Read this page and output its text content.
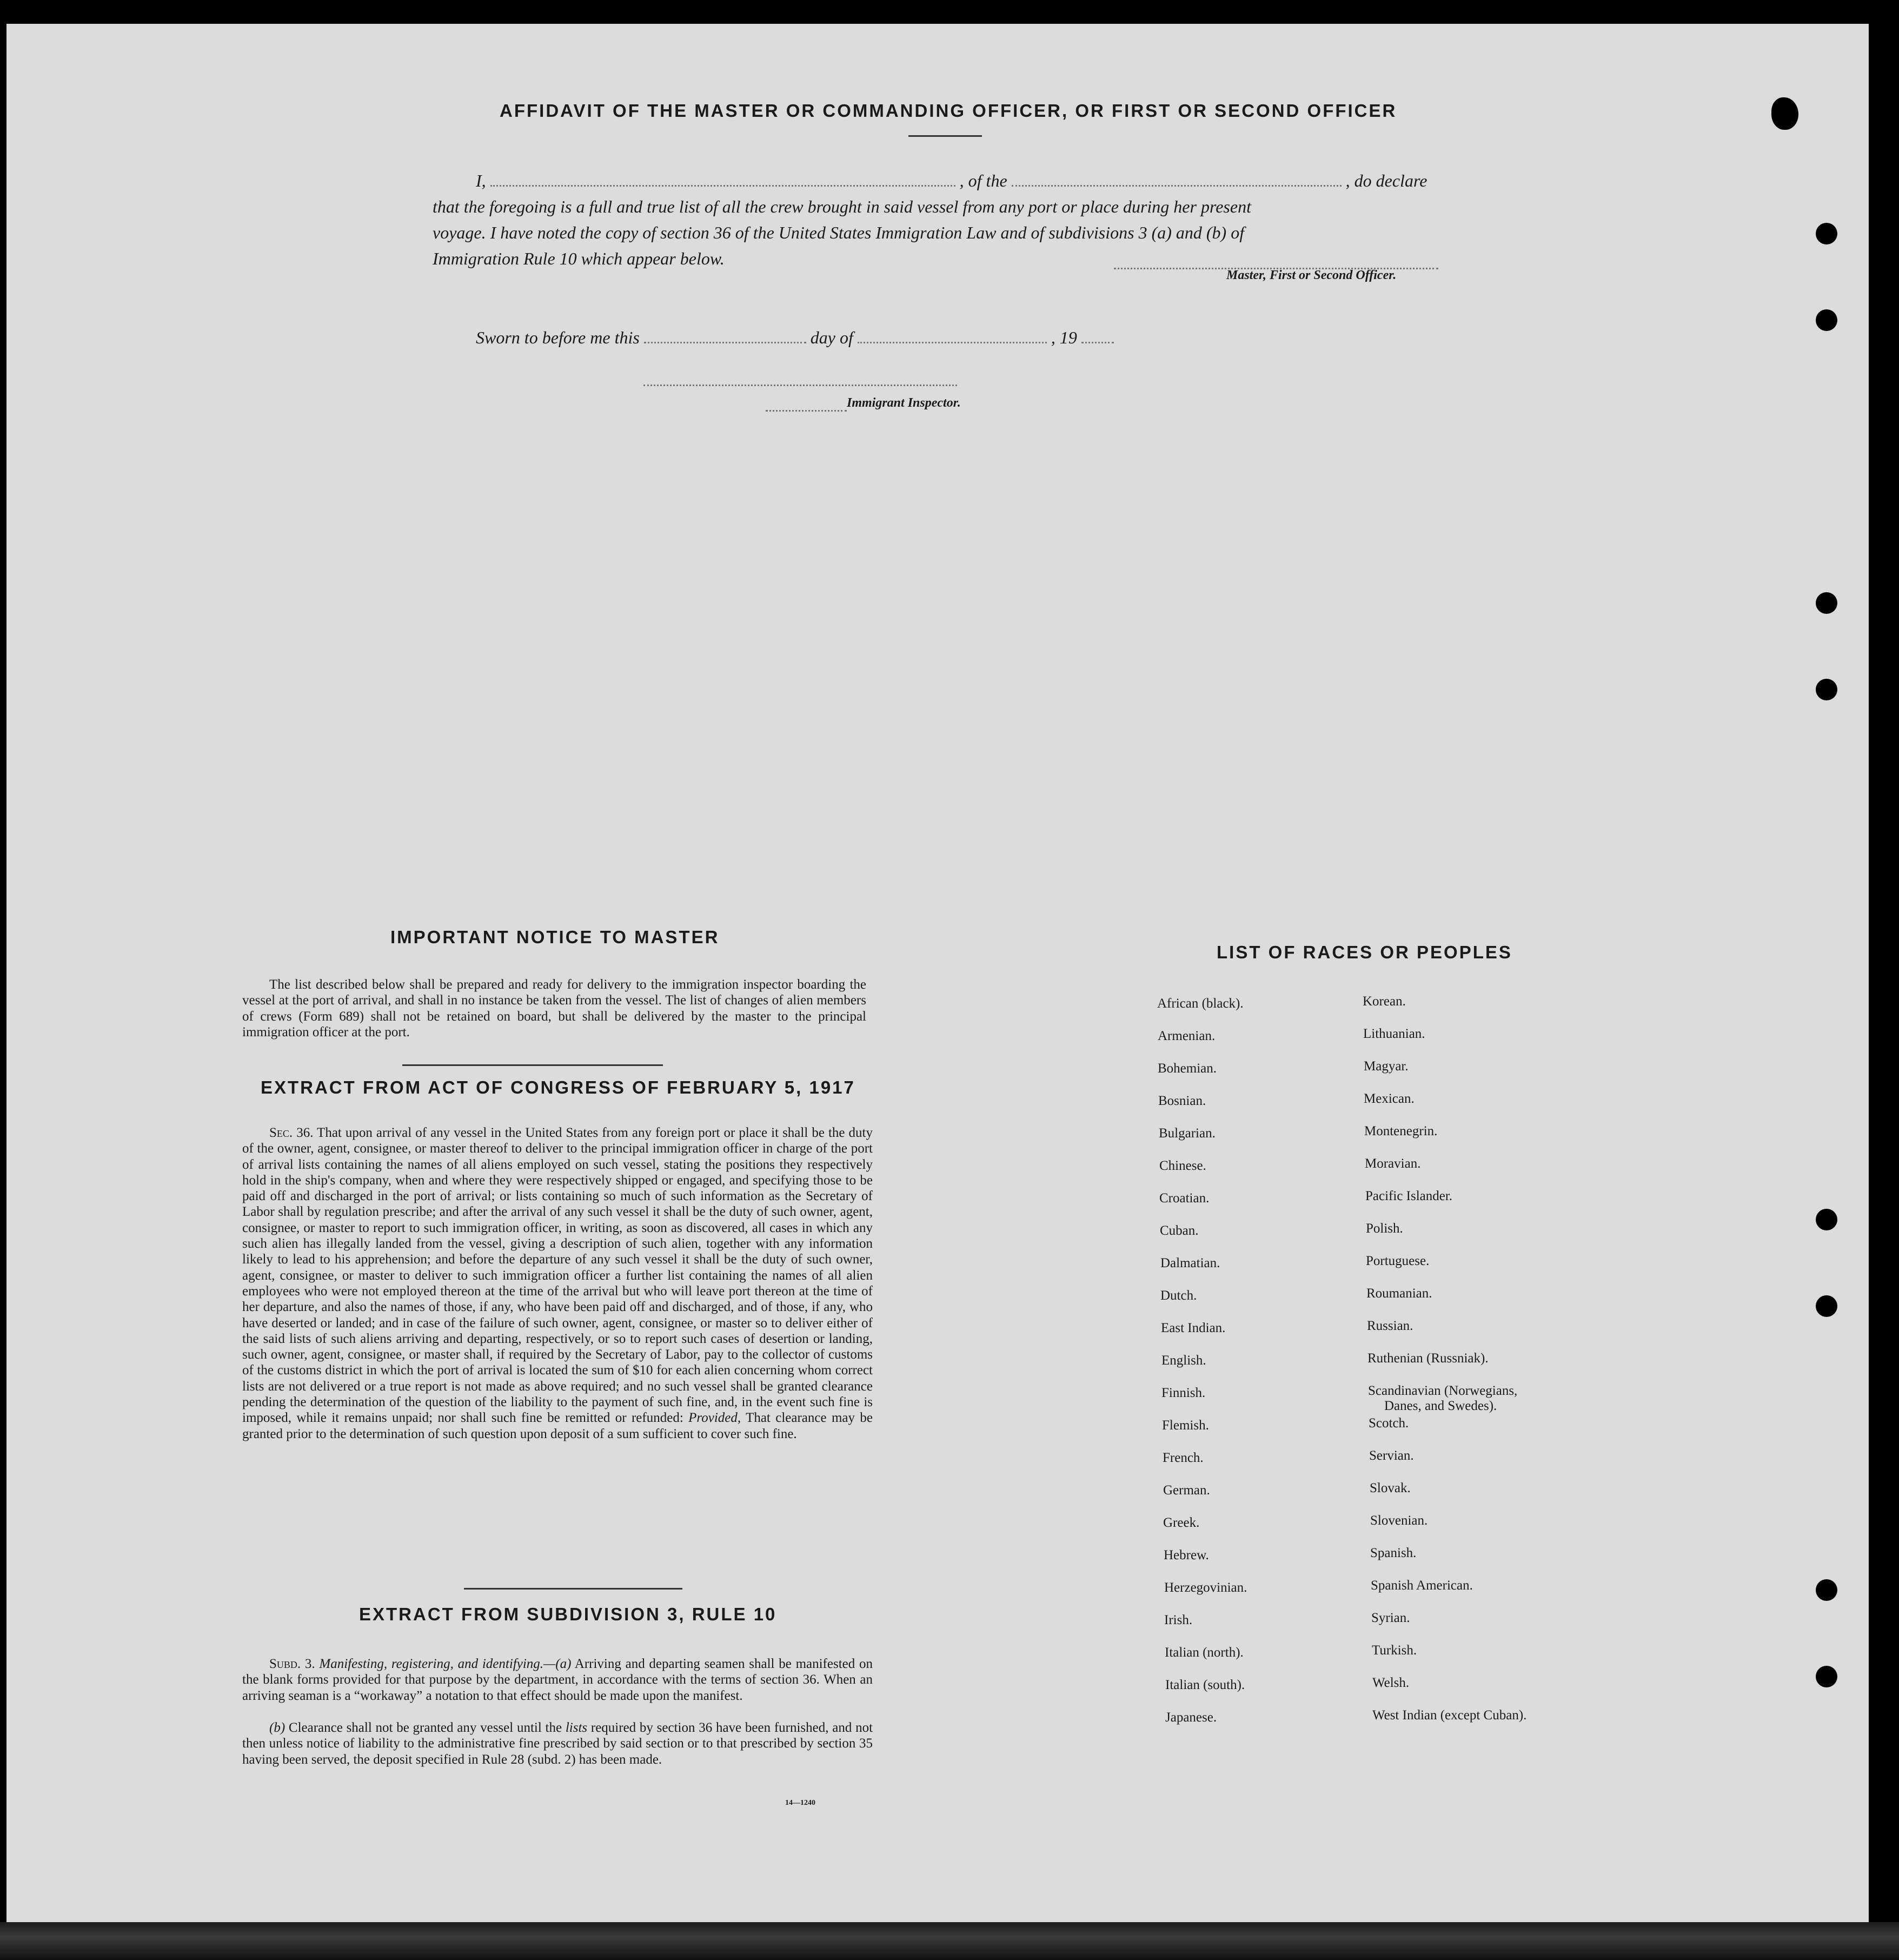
AFFIDAVIT OF THE MASTER OR COMMANDING OFFICER, OR FIRST OR SECOND OFFICER
I,	, of the	, do declare
that the foregoing is a full and true list of all the crew brought in said vessel from any port or place during her present
voyage. I have noted the copy of section 36 of the United States Immigration Law and of subdivisions 3 (a) and (b) of
Immigration Rule 10 which appear below.
Master, First or Second Officer.
Sworn to before me this	day of	, 19
Immigrant Inspector.
IMPORTANT NOTICE TO MASTER
The list described below shall be prepared and ready for delivery to the immigration inspector boarding the vessel at the port of arrival, and shall in no instance be taken from the vessel. The list of changes of alien members of crews (Form 689) shall not be retained on board, but shall be delivered by the master to the principal immigration officer at the port.
EXTRACT FROM ACT OF CONGRESS OF FEBRUARY 5, 1917
Sec. 36. That upon arrival of any vessel in the United States from any foreign port or place it shall be the duty of the owner, agent, consignee, or master thereof to deliver to the principal immigration officer in charge of the port of arrival lists containing the names of all aliens employed on such vessel, stating the positions they respectively hold in the ship's company, when and where they were respectively shipped or engaged, and specifying those to be paid off and discharged in the port of arrival; or lists containing so much of such information as the Secretary of Labor shall by regulation prescribe; and after the arrival of any such vessel it shall be the duty of such owner, agent, consignee, or master to report to such immigration officer, in writing, as soon as discovered, all cases in which any such alien has illegally landed from the vessel, giving a description of such alien, together with any information likely to lead to his apprehension; and before the departure of any such vessel it shall be the duty of such owner, agent, consignee, or master to deliver to such immigration officer a further list containing the names of all alien employees who were not employed thereon at the time of the arrival but who will leave port thereon at the time of her departure, and also the names of those, if any, who have been paid off and discharged, and of those, if any, who have deserted or landed; and in case of the failure of such owner, agent, consignee, or master so to deliver either of the said lists of such aliens arriving and departing, respectively, or so to report such cases of desertion or landing, such owner, agent, consignee, or master shall, if required by the Secretary of Labor, pay to the collector of customs of the customs district in which the port of arrival is located the sum of $10 for each alien concerning whom correct lists are not delivered or a true report is not made as above required; and no such vessel shall be granted clearance pending the determination of the question of the liability to the payment of such fine, and, in the event such fine is imposed, while it remains unpaid; nor shall such fine be remitted or refunded: Provided, That clearance may be granted prior to the determination of such question upon deposit of a sum sufficient to cover such fine.
EXTRACT FROM SUBDIVISION 3, RULE 10
Subd. 3. Manifesting, registering, and identifying.—(a) Arriving and departing seamen shall be manifested on the blank forms provided for that purpose by the department, in accordance with the terms of section 36. When an arriving seaman is a “workaway” a notation to that effect should be made upon the manifest.
(b) Clearance shall not be granted any vessel until the lists required by section 36 have been furnished, and not then unless notice of liability to the administrative fine prescribed by said section or to that prescribed by section 35 having been served, the deposit specified in Rule 28 (subd. 2) has been made.
14—1240
LIST OF RACES OR PEOPLES
African (black).
Armenian.
Bohemian.
Bosnian.
Bulgarian.
Chinese.
Croatian.
Cuban.
Dalmatian.
Dutch.
East Indian.
English.
Finnish.
Flemish.
French.
German.
Greek.
Hebrew.
Herzegovinian.
Irish.
Italian (north).
Italian (south).
Japanese.
Korean.
Lithuanian.
Magyar.
Mexican.
Montenegrin.
Moravian.
Pacific Islander.
Polish.
Portuguese.
Roumanian.
Russian.
Ruthenian (Russniak).
Scandinavian (Norwegians,
Danes, and Swedes).
Scotch.
Servian.
Slovak.
Slovenian.
Spanish.
Spanish American.
Syrian.
Turkish.
Welsh.
West Indian (except Cuban).
